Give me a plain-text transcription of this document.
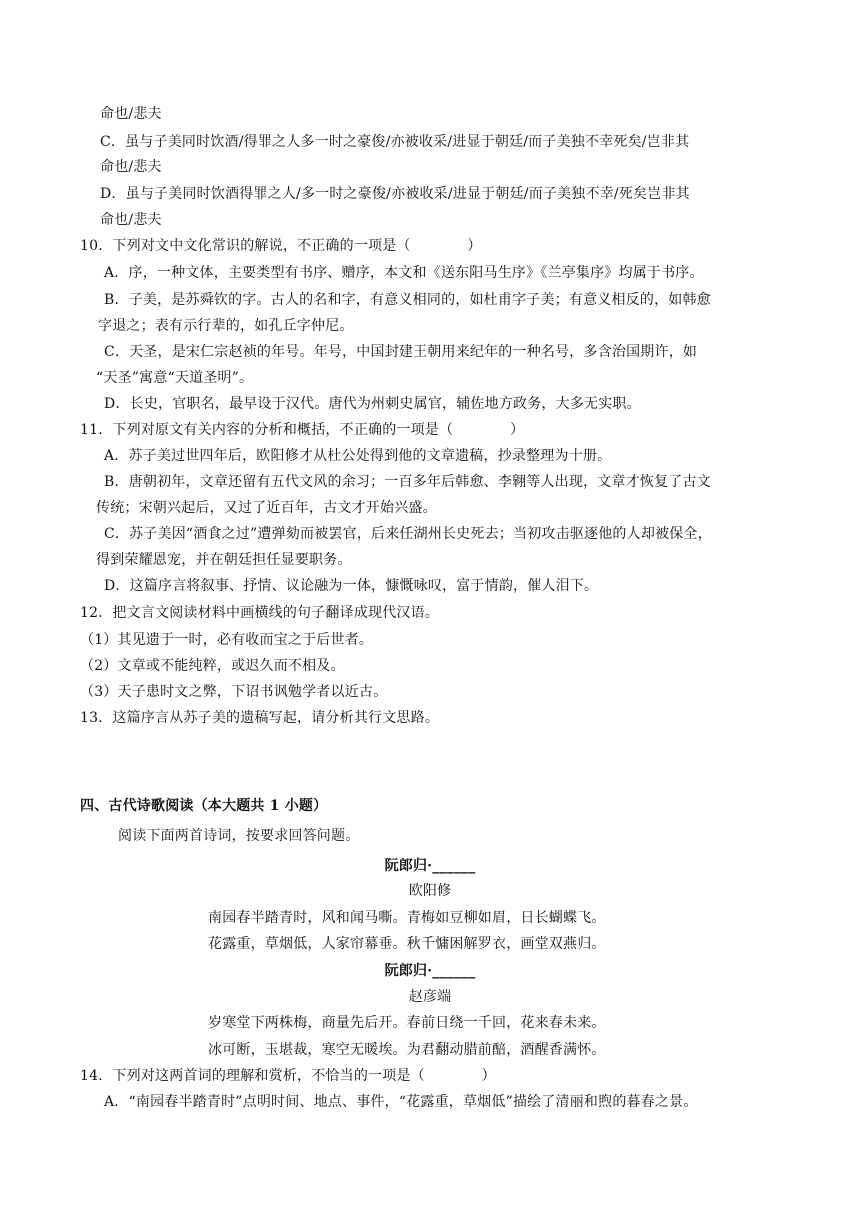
命也/悲夫
C．虽与子美同时饮酒/得罪之人多一时之豪俊/亦被收采/进显于朝廷/而子美独不幸死矣/岂非其
命也/悲夫
D．虽与子美同时饮酒得罪之人/多一时之豪俊/亦被收采/进显于朝廷/而子美独不幸/死矣岂非其
命也/悲夫
10．下列对文中文化常识的解说，不正确的一项是（　　　　）
A．序，一种文体，主要类型有书序、赠序，本文和《送东阳马生序》《兰亭集序》均属于书序。
B．子美，是苏舜钦的字。古人的名和字，有意义相同的，如杜甫字子美；有意义相反的，如韩愈
字退之；表有示行辈的，如孔丘字仲尼。
C．天圣，是宋仁宗赵祯的年号。年号，中国封建王朝用来纪年的一种名号，多含治国期许，如
“天圣”寓意“天道圣明”。
D．长史，官职名，最早设于汉代。唐代为州刺史属官，辅佐地方政务，大多无实职。
11．下列对原文有关内容的分析和概括，不正确的一项是（　　　　）
A．苏子美过世四年后，欧阳修才从杜公处得到他的文章遗稿，抄录整理为十册。
B．唐朝初年，文章还留有五代文风的余习；一百多年后韩愈、李翱等人出现，文章才恢复了古文
传统；宋朝兴起后，又过了近百年，古文才开始兴盛。
C．苏子美因“酒食之过”遭弹劾而被罢官，后来任湖州长史死去；当初攻击驱逐他的人却被保全，
得到荣耀恩宠，并在朝廷担任显要职务。
D．这篇序言将叙事、抒情、议论融为一体，慷慨咏叹，富于情韵，催人泪下。
12．把文言文阅读材料中画横线的句子翻译成现代汉语。
（1）其见遗于一时，必有收而宝之于后世者。
（2）文章或不能纯粹，或迟久而不相及。
（3）天子患时文之弊，下诏书讽勉学者以近古。
13．这篇序言从苏子美的遗稿写起，请分析其行文思路。
四、古代诗歌阅读（本大题共 1 小题）
阅读下面两首诗词，按要求回答问题。
阮郎归·______
欧阳修
南园春半踏青时，风和闻马嘶。青梅如豆柳如眉，日长蝴蝶飞。
花露重，草烟低，人家帘幕垂。秋千慵困解罗衣，画堂双燕归。
阮郎归·______
赵彦端
岁寒堂下两株梅，商量先后开。春前日绕一千回，花来春未来。
冰可断，玉堪裁，寒空无暖埃。为君翻动腊前醅，酒醒香满怀。
14．下列对这两首词的理解和赏析，不恰当的一项是（　　　　）
A．“南园春半踏青时”点明时间、地点、事件，“花露重，草烟低”描绘了清丽和煦的暮春之景。
